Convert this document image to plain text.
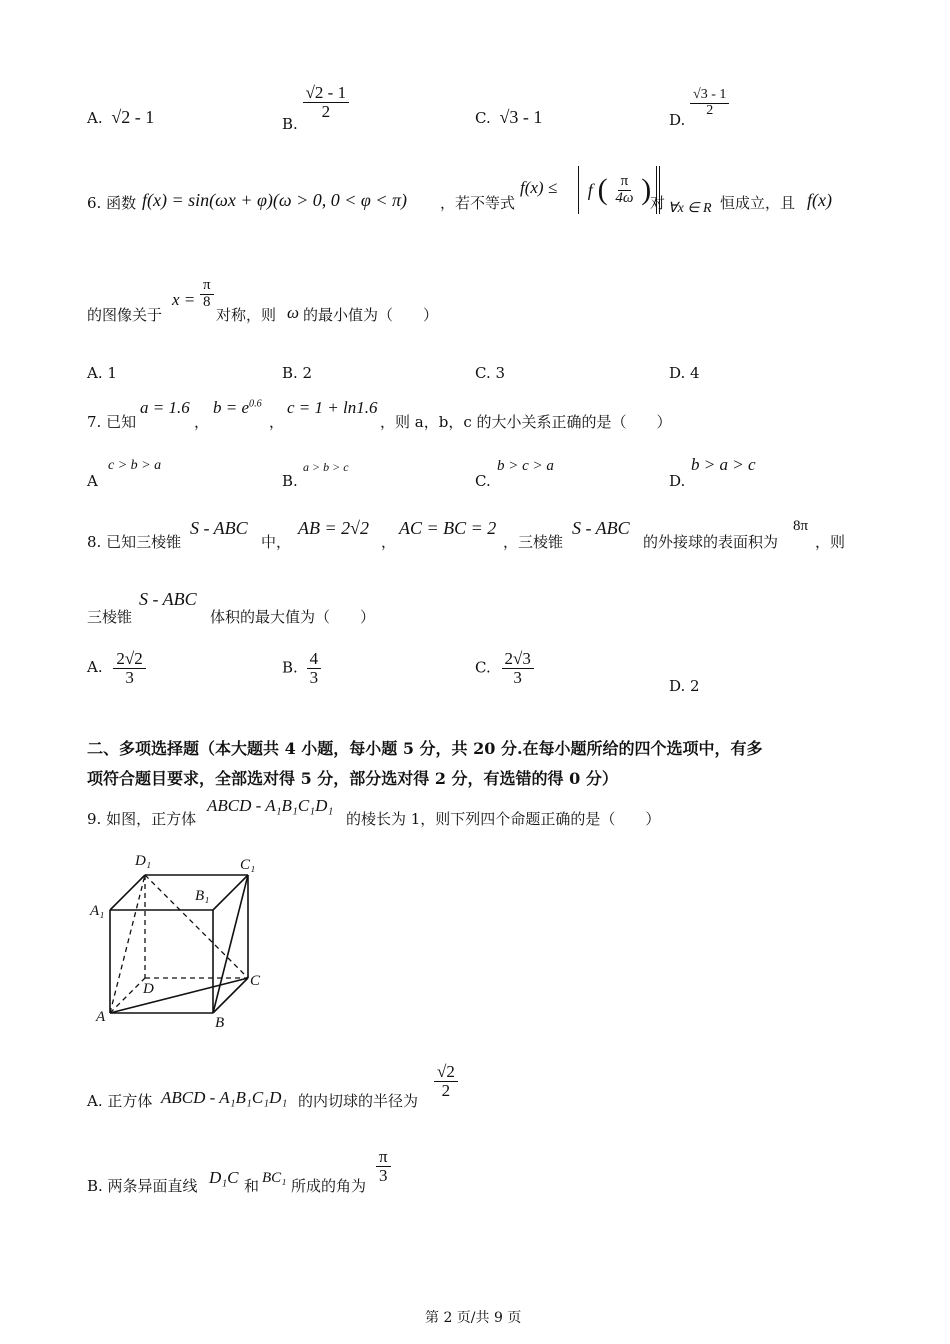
A. √2 - 1	B.
$\frac{√2 - 1}{2}$	C. √3 - 1	D.
$\frac{√3 - 1}{2}$
6. 函数 f(x) = sin(ωx + φ)(ω > 0, 0 < φ < π) ，若不等式
f(x) ≤	f ( $\frac{\pi}{4\omega}$ )
对 ∀x ∈ R 恒成立，且 f(x)
的图像关于
$x = \frac{\pi}{8}$
对称，则 ω 的最小值为（　　）
A. 1	B. 2	C. 3	D. 4
7. 已知
a = 1.6
，
$b = e^{0.6}$
，
c = 1 + ln1.6
，则 a，b，c 的大小关系正确的是（　　）
A
c > b > a
B.
a > b > c
C.
b > c > a
D.
b > a > c
8. 已知三棱锥
S - ABC
中，
AB = 2√2
，
AC = BC = 2
，三棱锥
S - ABC
的外接球的表面积为
8π
，则
三棱锥
S - ABC
体积的最大值为（　　）
A. $\frac{2√2}{3}$	B. $\frac{4}{3}$	C. $\frac{2√3}{3}$	D. 2
二、多项选择题（本大题共 4 小题，每小题 5 分，共 20 分.在每小题所给的四个选项中，有多
项符合题目要求，全部选对得 5 分，部分选对得 2 分，有选错的得 0 分）
9. 如图，正方体
ABCD - A₁B₁C₁D₁
的棱长为 1，则下列四个命题正确的是（　　）
D₁	C₁
B₁
A₁
D	C
A	B
A. 正方体 ABCD - A₁B₁C₁D₁ 的内切球的半径为
$\frac{√2}{2}$
B. 两条异面直线 D₁C 和 BC₁ 所成的角为
$\frac{\pi}{3}$
第 2 页/共 9 页
